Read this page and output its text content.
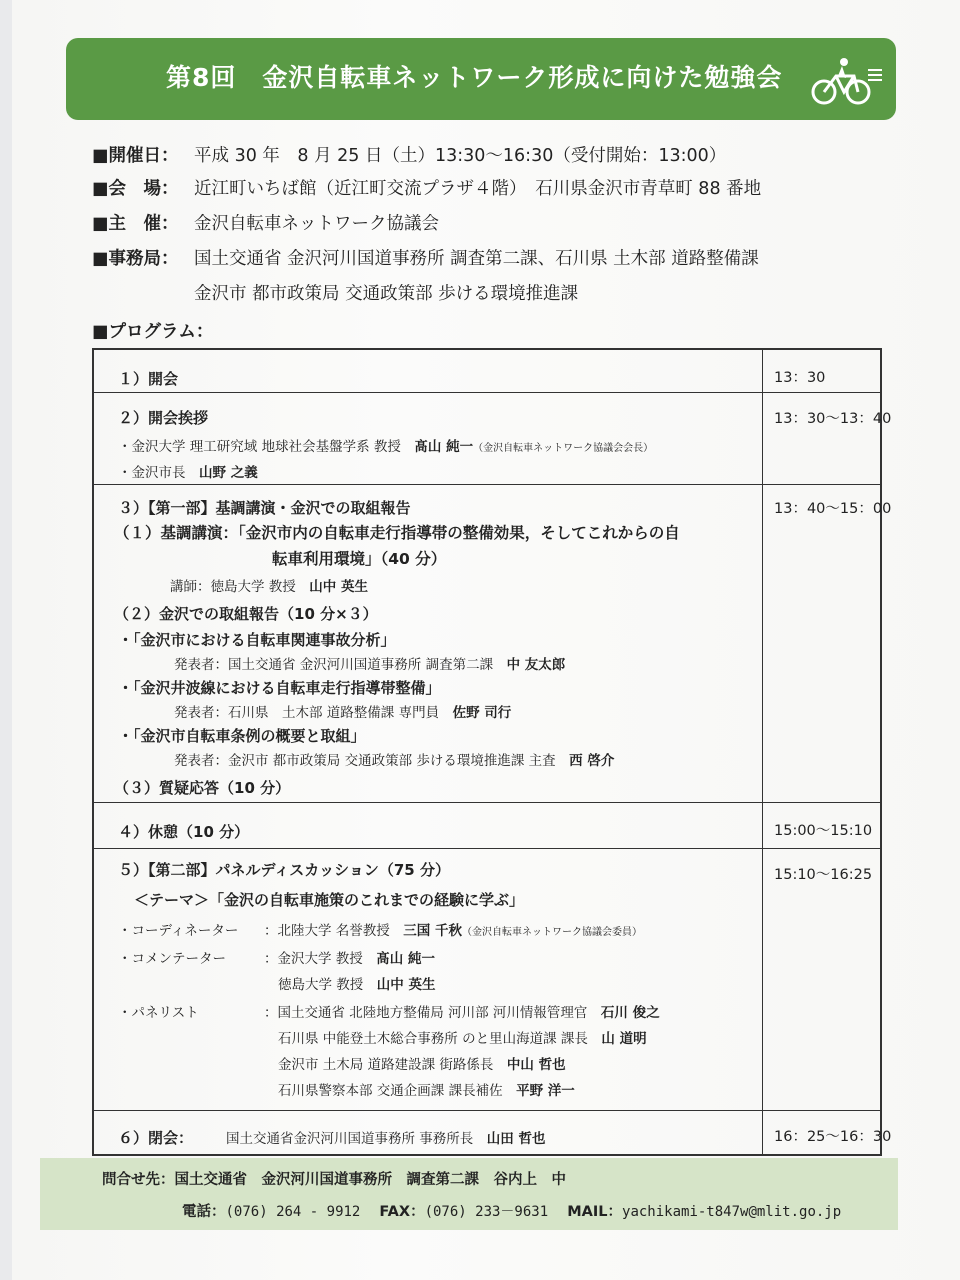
第8回　金沢自転車ネットワーク形成に向けた勉強会
■開催日： 平成 30 年　8 月 25 日（土）13:30～16:30（受付開始：13:00）
■会　場： 近江町いちば館（近江町交流プラザ４階）　石川県金沢市青草町 88 番地
■主　催： 金沢自転車ネットワーク協議会
■事務局： 国土交通省 金沢河川国道事務所 調査第二課、石川県 土木部 道路整備課
金沢市 都市政策局 交通政策部 歩ける環境推進課
■プログラム：
１）開会	13：30
２）開会挨拶	13：30～13：40
・金沢大学 理工研究域 地球社会基盤学系 教授　髙山 純一（金沢自転車ネットワーク協議会会長）
・金沢市長　山野 之義
３）【第一部】基調講演・金沢での取組報告	13：40～15：00
（１）基調講演：「金沢市内の自転車走行指導帯の整備効果，そしてこれからの自
転車利用環境」（40 分）
講師：徳島大学 教授　山中 英生
（２）金沢での取組報告（10 分×３）
・「金沢市における自転車関連事故分析」
発表者：国土交通省 金沢河川国道事務所 調査第二課　中 友太郎
・「金沢井波線における自転車走行指導帯整備」
発表者：石川県　土木部 道路整備課 専門員　佐野 司行
・「金沢市自転車条例の概要と取組」
発表者：金沢市 都市政策局 交通政策部 歩ける環境推進課 主査　西 啓介
（３）質疑応答（10 分）
４）休憩（10 分）	15:00～15:10
５）【第二部】パネルディスカッション（75 分）	15:10～16:25
＜テーマ＞「金沢の自転車施策のこれまでの経験に学ぶ」
・コーディネーター ：北陸大学 名誉教授　三国 千秋（金沢自転車ネットワーク協議会委員）
・コメンテーター	：金沢大学 教授　髙山 純一
徳島大学 教授　山中 英生
・パネリスト	：国土交通省 北陸地方整備局 河川部 河川情報管理官　石川 俊之
石川県 中能登土木総合事務所 のと里山海道課 課長　山 道明
金沢市 土木局 道路建設課 街路係長　中山 哲也
石川県警察本部 交通企画課 課長補佐　平野 洋一
６）閉会： 国土交通省金沢河川国道事務所 事務所長　山田 哲也	16：25～16：30
問合せ先：国土交通省　金沢河川国道事務所　調査第二課　谷内上　中
電話：(076) 264 - 9912 FAX：(076) 233－9631 MAIL：yachikami-t847w@mlit.go.jp
